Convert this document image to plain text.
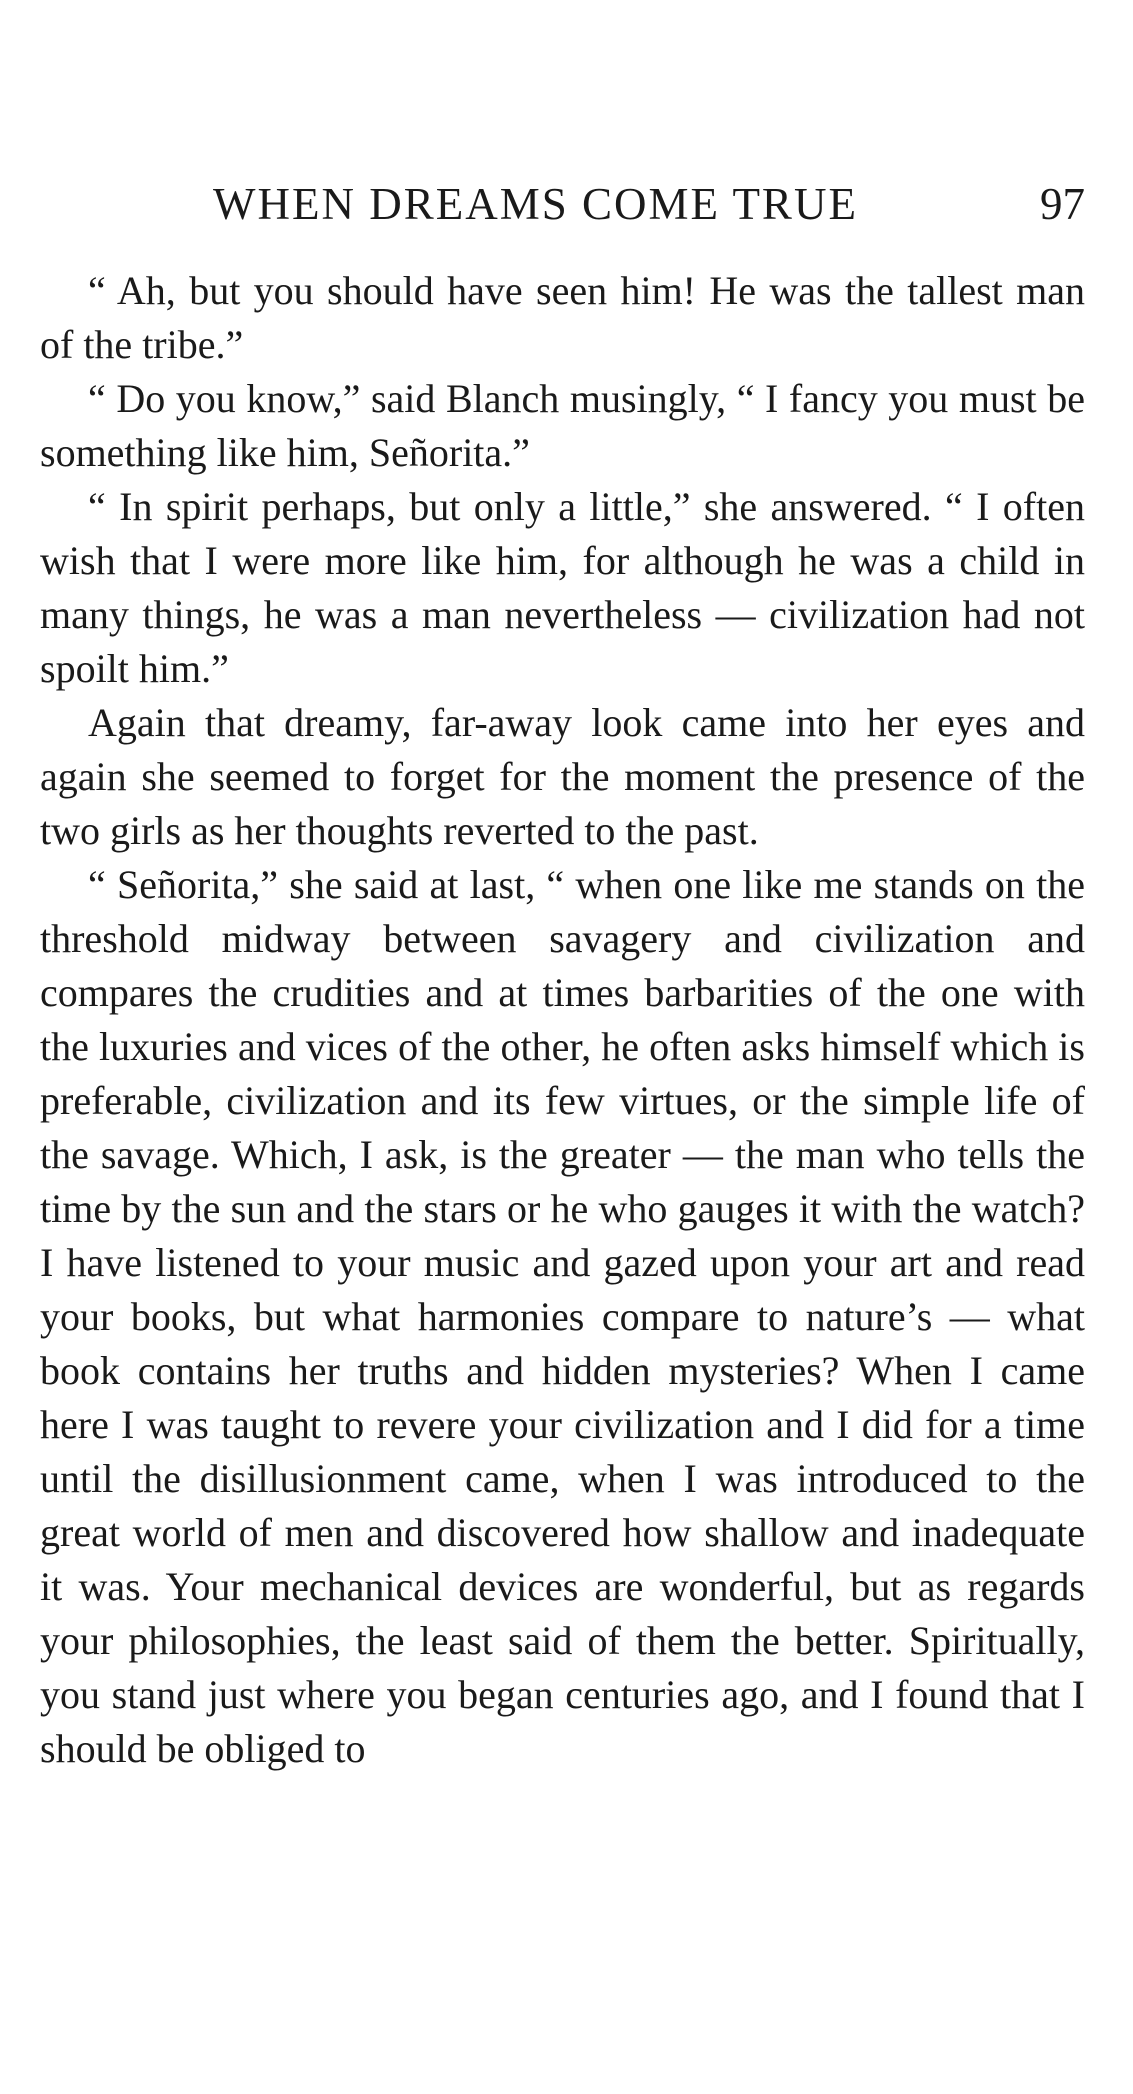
WHEN DREAMS COME TRUE	97

“ Ah, but you should have seen him! He was the tallest man of the tribe.”

“ Do you know,” said Blanch musingly, “ I fancy you must be something like him, Señorita.”

“ In spirit perhaps, but only a little,” she answered. “ I often wish that I were more like him, for although he was a child in many things, he was a man nevertheless — civilization had not spoilt him.”

Again that dreamy, far-away look came into her eyes and again she seemed to forget for the moment the presence of the two girls as her thoughts reverted to the past.

“ Señorita,” she said at last, “ when one like me stands on the threshold midway between savagery and civilization and compares the crudities and at times barbarities of the one with the luxuries and vices of the other, he often asks himself which is preferable, civilization and its few virtues, or the simple life of the savage. Which, I ask, is the greater — the man who tells the time by the sun and the stars or he who gauges it with the watch? I have listened to your music and gazed upon your art and read your books, but what harmonies compare to nature’s — what book contains her truths and hidden mysteries? When I came here I was taught to revere your civilization and I did for a time until the disillusionment came, when I was introduced to the great world of men and discovered how shallow and inadequate it was. Your mechanical devices are wonderful, but as regards your philosophies, the least said of them the better. Spiritually, you stand just where you began centuries ago, and I found that I should be obliged to
